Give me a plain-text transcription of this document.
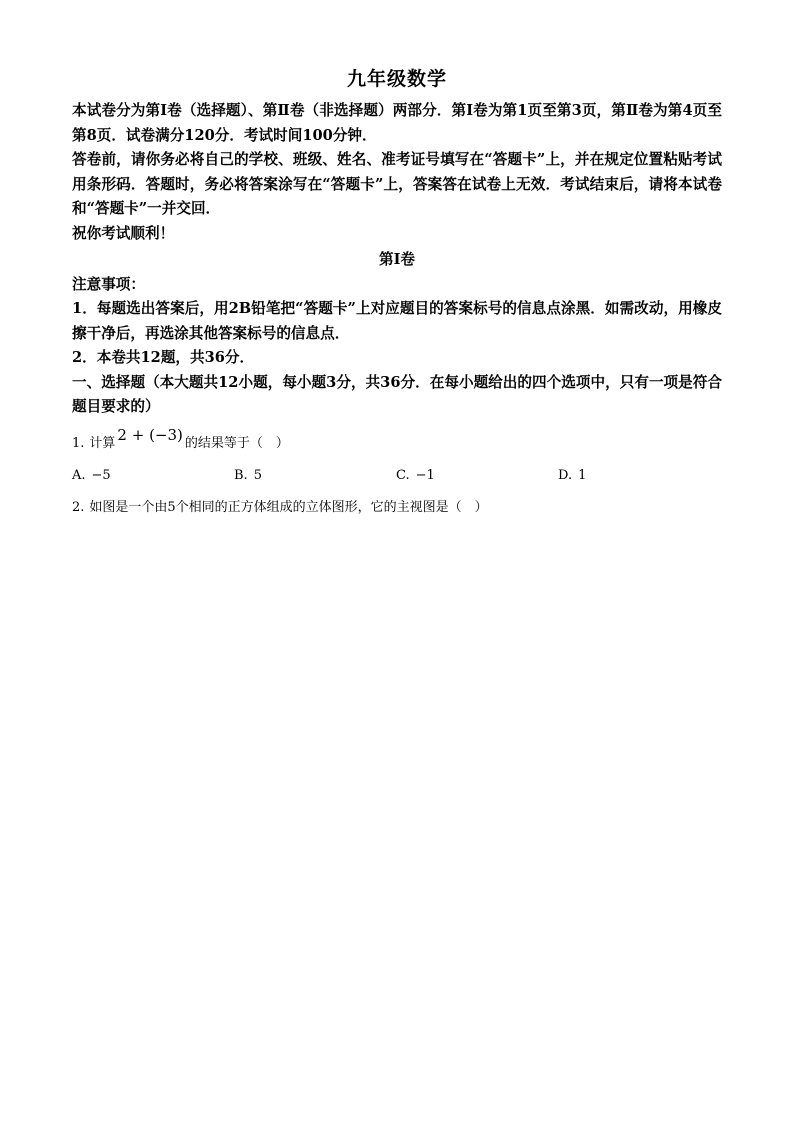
九年级数学

本试卷分为第Ⅰ卷（选择题）、第Ⅱ卷（非选择题）两部分．第Ⅰ卷为第1页至第3页，第Ⅱ卷为第4页至第8页．试卷满分120分．考试时间100分钟．

答卷前，请你务必将自己的学校、班级、姓名、准考证号填写在“答题卡”上，并在规定位置粘贴考试用条形码．答题时，务必将答案涂写在“答题卡”上，答案答在试卷上无效．考试结束后，请将本试卷和“答题卡”一并交回．

祝你考试顺利！

第Ⅰ卷

注意事项：

1．每题选出答案后，用2B铅笔把“答题卡”上对应题目的答案标号的信息点涂黑．如需改动，用橡皮擦干净后，再选涂其他答案标号的信息点．

2．本卷共12题，共36分．

一、选择题（本大题共12小题，每小题3分，共36分．在每小题给出的四个选项中，只有一项是符合题目要求的）

1. 计算 2 + (−3) 的结果等于（　）
A. −5	B. 5	C. −1	D. 1
2. 如图是一个由5个相同的正方体组成的立体图形，它的主视图是（　）
